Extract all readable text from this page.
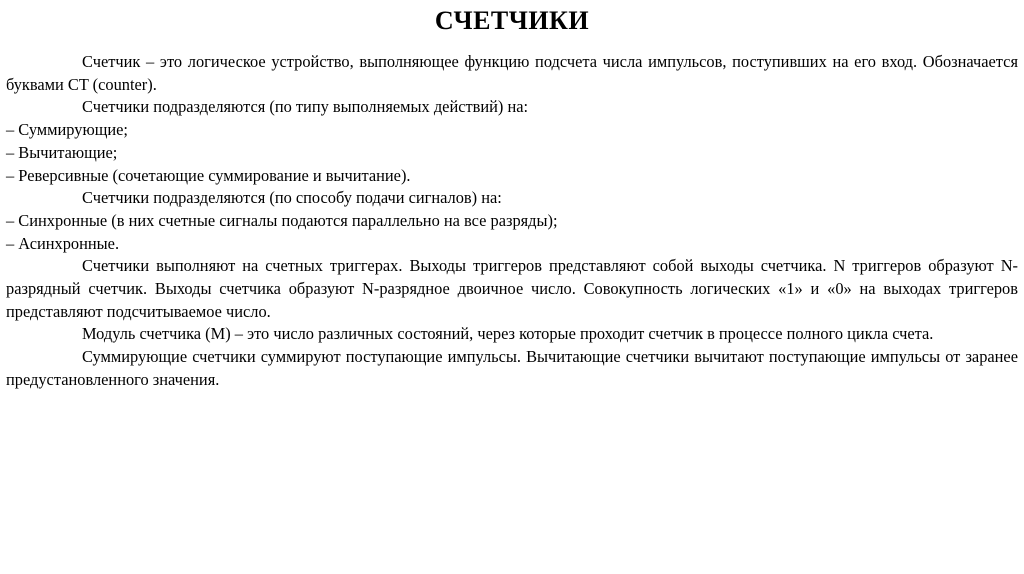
СЧЕТЧИКИ

Счетчик – это логическое устройство, выполняющее функцию подсчета числа импульсов, поступивших на его вход. Обозначается буквами CT (counter).

Счетчики подразделяются (по типу выполняемых действий) на:

– Суммирующие;

– Вычитающие;

– Реверсивные (сочетающие суммирование и вычитание).

Счетчики подразделяются (по способу подачи сигналов) на:

– Синхронные (в них счетные сигналы подаются параллельно на все разряды);

– Асинхронные.

Счетчики выполняют на счетных триггерах. Выходы триггеров представляют собой выходы счетчика. N триггеров образуют N-разрядный счетчик. Выходы счетчика образуют N-разрядное двоичное число. Совокупность логических «1» и «0» на выходах триггеров представляют подсчитываемое число.

Модуль счетчика (M) – это число различных состояний, через которые проходит счетчик в процессе полного цикла счета.

Суммирующие счетчики суммируют поступающие импульсы. Вычитающие счетчики вычитают поступающие импульсы от заранее предустановленного значения.
